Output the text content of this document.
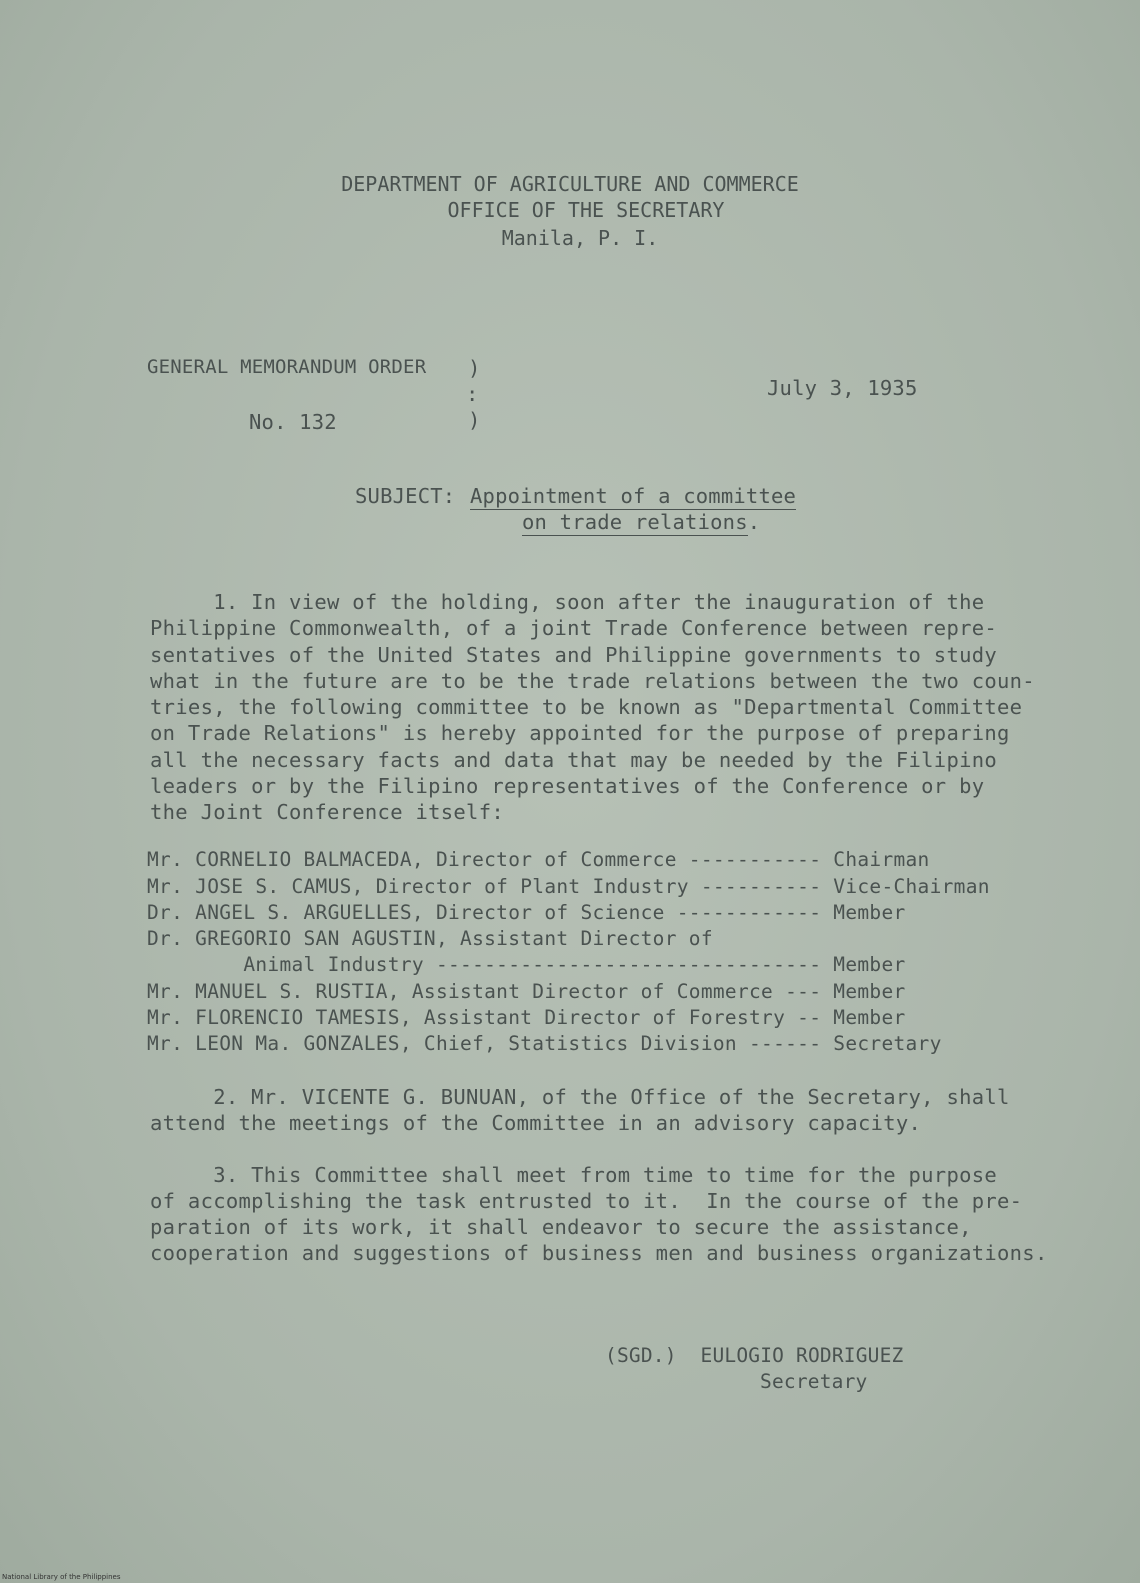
DEPARTMENT OF AGRICULTURE AND COMMERCE
OFFICE OF THE SECRETARY
Manila, P. I.
GENERAL MEMORANDUM ORDER )
:
)
No. 132
July 3, 1935
SUBJECT: Appointment of a committee
on trade relations.
1. In view of the holding, soon after the inauguration of the
Philippine Commonwealth, of a joint Trade Conference between repre-
sentatives of the United States and Philippine governments to study
what in the future are to be the trade relations between the two coun-
tries, the following committee to be known as "Departmental Committee
on Trade Relations" is hereby appointed for the purpose of preparing
all the necessary facts and data that may be needed by the Filipino
leaders or by the Filipino representatives of the Conference or by
the Joint Conference itself:
Mr. CORNELIO BALMACEDA, Director of Commerce ----------- Chairman
Mr. JOSE S. CAMUS, Director of Plant Industry ---------- Vice-Chairman
Dr. ANGEL S. ARGUELLES, Director of Science ------------ Member
Dr. GREGORIO SAN AGUSTIN, Assistant Director of
Animal Industry -------------------------------- Member
Mr. MANUEL S. RUSTIA, Assistant Director of Commerce --- Member
Mr. FLORENCIO TAMESIS, Assistant Director of Forestry -- Member
Mr. LEON Ma. GONZALES, Chief, Statistics Division ------ Secretary
2. Mr. VICENTE G. BUNUAN, of the Office of the Secretary, shall
attend the meetings of the Committee in an advisory capacity.
3. This Committee shall meet from time to time for the purpose
of accomplishing the task entrusted to it.  In the course of the pre-
paration of its work, it shall endeavor to secure the assistance,
cooperation and suggestions of business men and business organizations.
(SGD.)  EULOGIO RODRIGUEZ
Secretary
National Library of the Philippines
